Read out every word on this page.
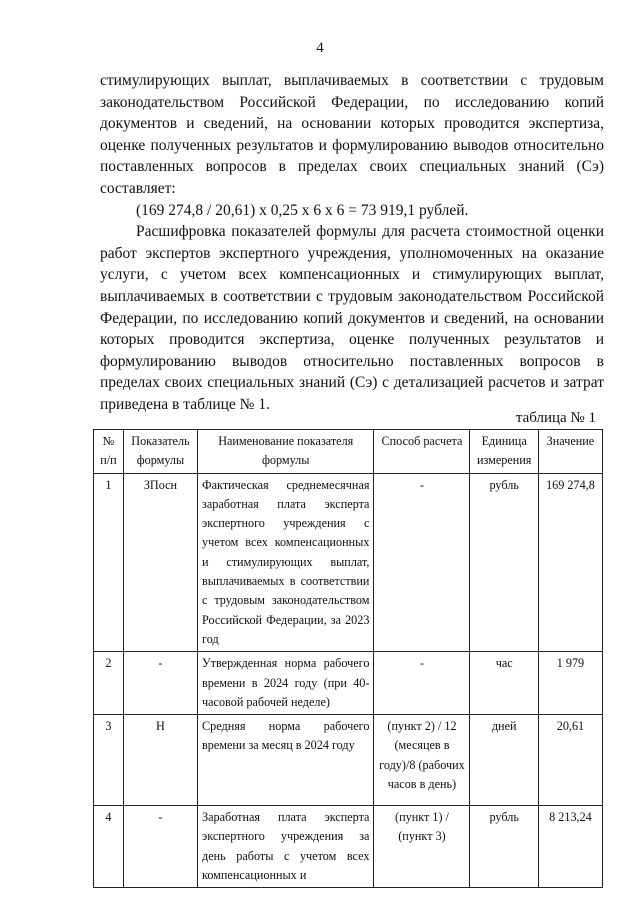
4

стимулирующих выплат, выплачиваемых в соответствии с трудовым законодательством Российской Федерации, по исследованию копий документов и сведений, на основании которых проводится экспертиза, оценке полученных результатов и формулированию выводов относительно поставленных вопросов в пределах своих специальных знаний (Сэ) составляет:

(169 274,8 / 20,61) х 0,25 х 6 х 6 = 73 919,1 рублей.

Расшифровка показателей формулы для расчета стоимостной оценки работ экспертов экспертного учреждения, уполномоченных на оказание услуги, с учетом всех компенсационных и стимулирующих выплат, выплачиваемых в соответствии с трудовым законодательством Российской Федерации, по исследованию копий документов и сведений, на основании которых проводится экспертиза, оценке полученных результатов и формулированию выводов относительно поставленных вопросов в пределах своих специальных знаний (Сэ) с детализацией расчетов и затрат приведена в таблице № 1.

таблица № 1
№ п/п	Показатель формулы	Наименование показателя формулы	Способ расчета	Единица измерения	Значение
1	ЗПосн	Фактическая среднемесячная заработная плата эксперта экспертного учреждения с учетом всех компенсационных и стимулирующих выплат, выплачиваемых в соответствии с трудовым законодательством Российской Федерации, за 2023 год	-	рубль	169 274,8
2	-	Утвержденная норма рабочего времени в 2024 году (при 40-часовой рабочей неделе)	-	час	1 979
3	Н	Средняя норма рабочего времени за месяц в 2024 году	(пункт 2) / 12 (месяцев в году)/8 (рабочих часов в день)	дней	20,61
4	-	Заработная плата эксперта экспертного учреждения за день работы с учетом всех компенсационных и	(пункт 1) / (пункт 3)	рубль	8 213,24
